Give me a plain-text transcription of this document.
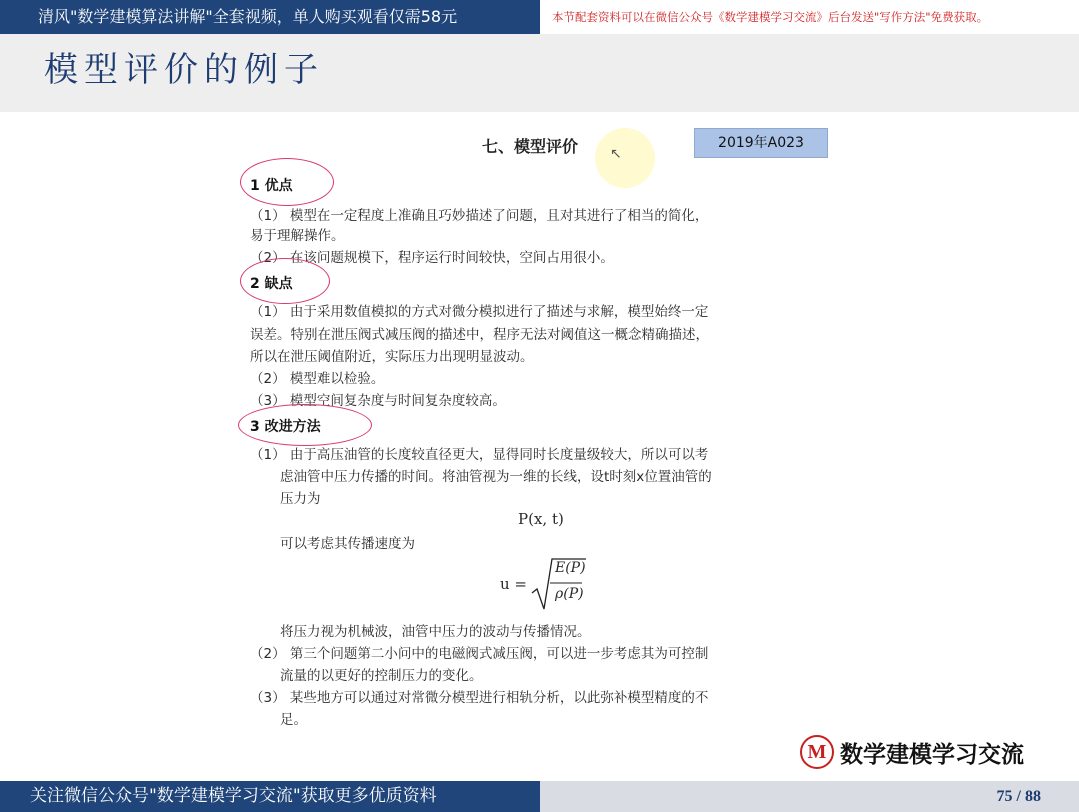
清风"数学建模算法讲解"全套视频，单人购买观看仅需58元	本节配套资料可以在微信公众号《数学建模学习交流》后台发送"写作方法"免费获取。
模型评价的例子
七、模型评价 ↖
2019年A023
1 优点
（1） 模型在一定程度上准确且巧妙描述了问题，且对其进行了相当的简化，
易于理解操作。
（2） 在该问题规模下，程序运行时间较快，空间占用很小。
2 缺点
（1） 由于采用数值模拟的方式对微分模拟进行了描述与求解，模型始终一定
误差。特别在泄压阀式减压阀的描述中，程序无法对阈值这一概念精确描述，
所以在泄压阈值附近，实际压力出现明显波动。
（2） 模型难以检验。
（3） 模型空间复杂度与时间复杂度较高。
3 改进方法
（1） 由于高压油管的长度较直径更大，显得同时长度量级较大，所以可以考
虑油管中压力传播的时间。将油管视为一维的长线，设t时刻x位置油管的
压力为
P(x, t)
可以考虑其传播速度为
u =
E(P)
ρ(P)
将压力视为机械波，油管中压力的波动与传播情况。
（2） 第三个问题第二小问中的电磁阀式减压阀，可以进一步考虑其为可控制
流量的以更好的控制压力的变化。
（3） 某些地方可以通过对常微分模型进行相轨分析，以此弥补模型精度的不
足。
M 数学建模学习交流
关注微信公众号"数学建模学习交流"获取更多优质资料	75 / 88
